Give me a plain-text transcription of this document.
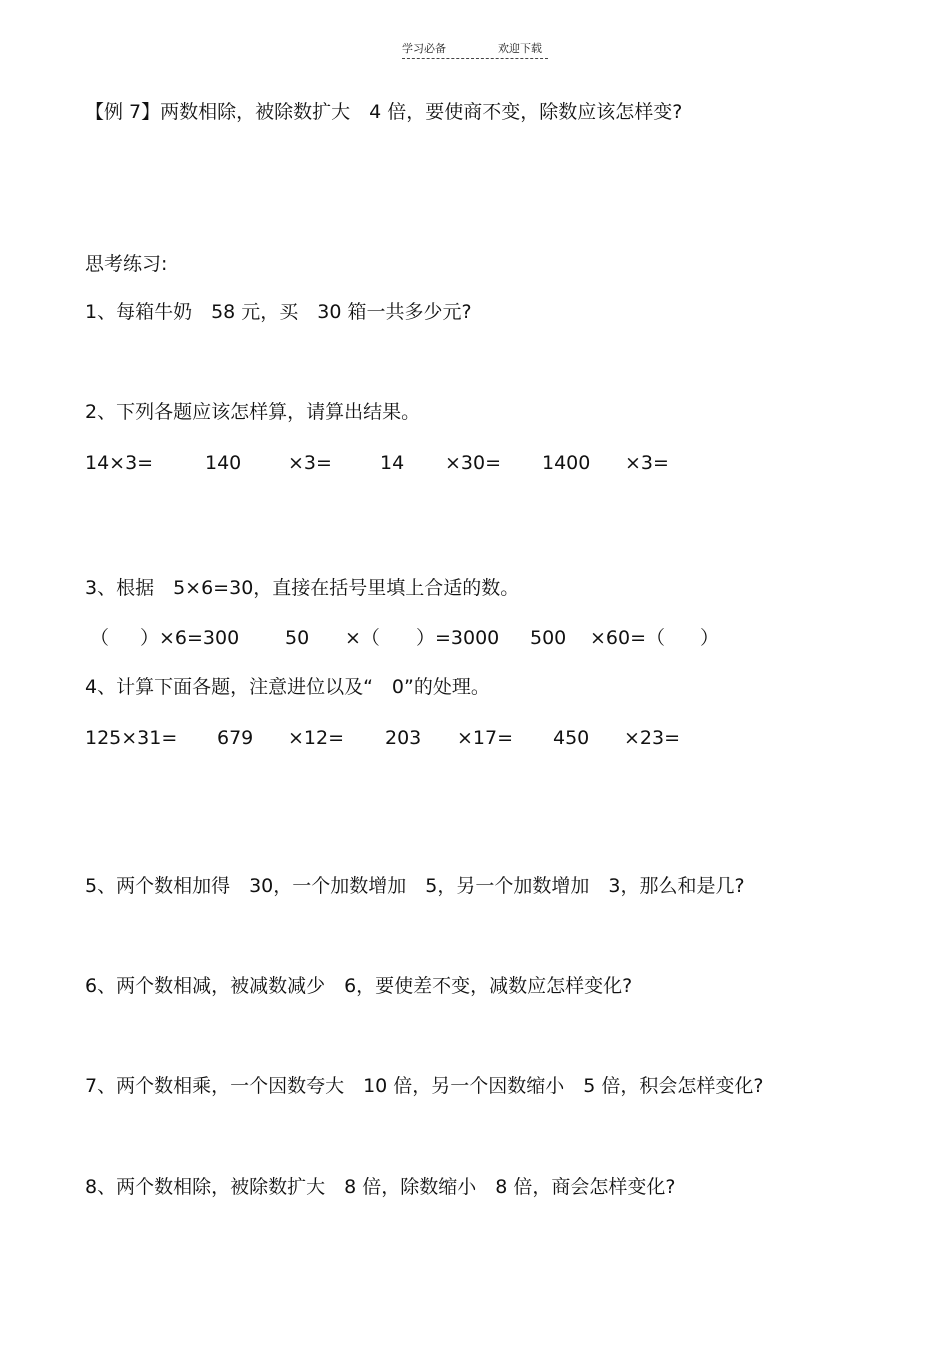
学习必备	欢迎下载
【例 7】两数相除，被除数扩大　4 倍，要使商不变，除数应该怎样变?
思考练习:
1、每箱牛奶　58 元，买　30 箱一共多少元?
2、下列各题应该怎样算，请算出结果。
14×3=	140 ×3=	14 ×30= 1400 ×3=
3、根据　5×6=30，直接在括号里填上合适的数。
（ ）×6=300 50 ×（ ）=3000 500 ×60=（ ）
4、计算下面各题，注意进位以及“　0”的处理。
125×31= 679 ×12= 203 ×17= 450 ×23=
5、两个数相加得　30，一个加数增加　5，另一个加数增加　3，那么和是几?
6、两个数相减，被减数减少　6，要使差不变，减数应怎样变化?
7、两个数相乘，一个因数夸大　10 倍，另一个因数缩小　5 倍，积会怎样变化?
8、两个数相除，被除数扩大　8 倍，除数缩小　8 倍，商会怎样变化?
